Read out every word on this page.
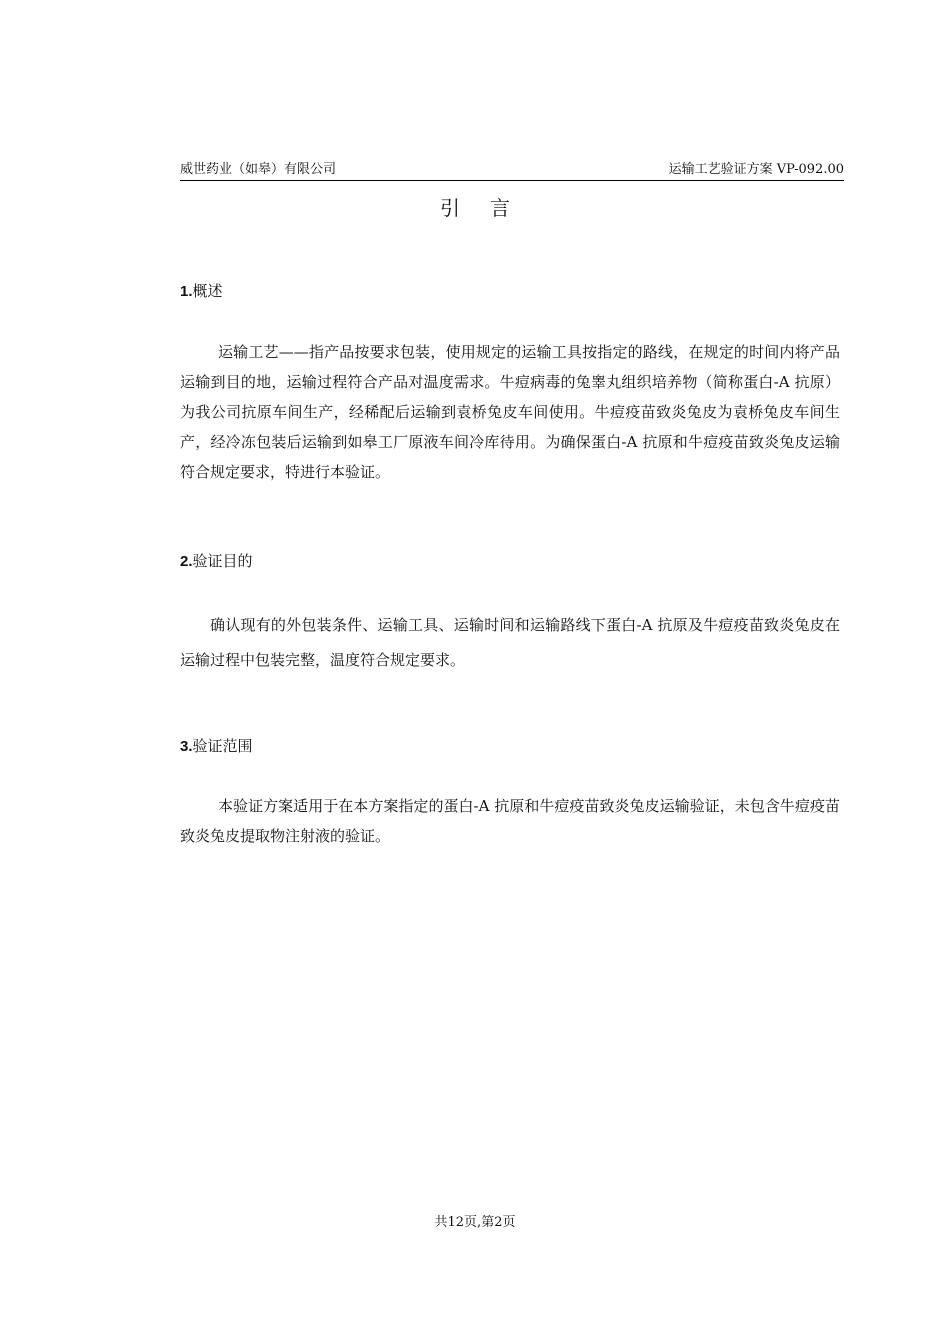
威世药业（如皋）有限公司	运输工艺验证方案 VP-092.00
引言
1.概述

运输工艺——指产品按要求包装，使用规定的运输工具按指定的路线，在规定的时间内将产品运输到目的地，运输过程符合产品对温度需求。牛痘病毒的兔睾丸组织培养物（简称蛋白-A 抗原）为我公司抗原车间生产，经稀配后运输到袁桥兔皮车间使用。牛痘疫苗致炎兔皮为袁桥兔皮车间生产，经冷冻包装后运输到如皋工厂原液车间冷库待用。为确保蛋白-A 抗原和牛痘疫苗致炎兔皮运输符合规定要求，特进行本验证。

2.验证目的

确认现有的外包装条件、运输工具、运输时间和运输路线下蛋白-A 抗原及牛痘疫苗致炎兔皮在运输过程中包装完整，温度符合规定要求。

3.验证范围

本验证方案适用于在本方案指定的蛋白-A 抗原和牛痘疫苗致炎兔皮运输验证，未包含牛痘疫苗致炎兔皮提取物注射液的验证。

共12页,第2页
